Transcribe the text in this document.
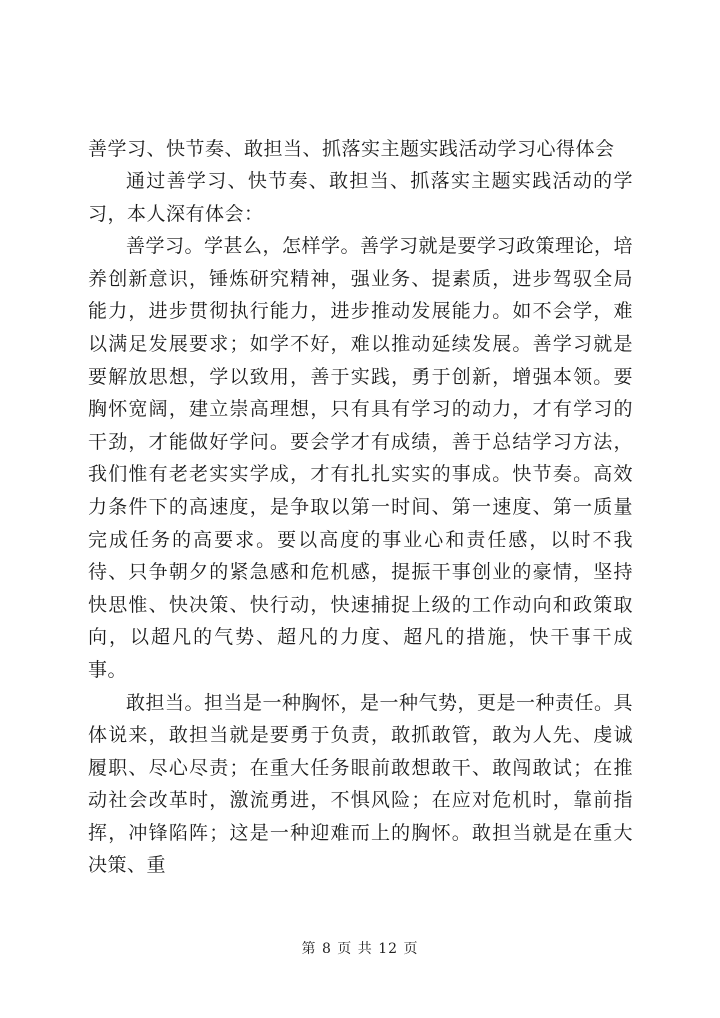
善学习、快节奏、敢担当、抓落实主题实践活动学习心得体会

通过善学习、快节奏、敢担当、抓落实主题实践活动的学习，本人深有体会：

善学习。学甚么，怎样学。善学习就是要学习政策理论，培养创新意识，锤炼研究精神，强业务、提素质，进步驾驭全局能力，进步贯彻执行能力，进步推动发展能力。如不会学，难以满足发展要求；如学不好，难以推动延续发展。善学习就是要解放思想，学以致用，善于实践，勇于创新，增强本领。要胸怀宽阔，建立崇高理想，只有具有学习的动力，才有学习的干劲，才能做好学问。要会学才有成绩，善于总结学习方法，我们惟有老老实实学成，才有扎扎实实的事成。快节奏。高效力条件下的高速度，是争取以第一时间、第一速度、第一质量完成任务的高要求。要以高度的事业心和责任感，以时不我待、只争朝夕的紧急感和危机感，提振干事创业的豪情，坚持快思惟、快决策、快行动，快速捕捉上级的工作动向和政策取向，以超凡的气势、超凡的力度、超凡的措施，快干事干成事。

敢担当。担当是一种胸怀，是一种气势，更是一种责任。具体说来，敢担当就是要勇于负责，敢抓敢管，敢为人先、虔诚履职、尽心尽责；在重大任务眼前敢想敢干、敢闯敢试；在推动社会改革时，激流勇进，不惧风险；在应对危机时，靠前指挥，冲锋陷阵；这是一种迎难而上的胸怀。敢担当就是在重大决策、重

第 8 页 共 12 页
